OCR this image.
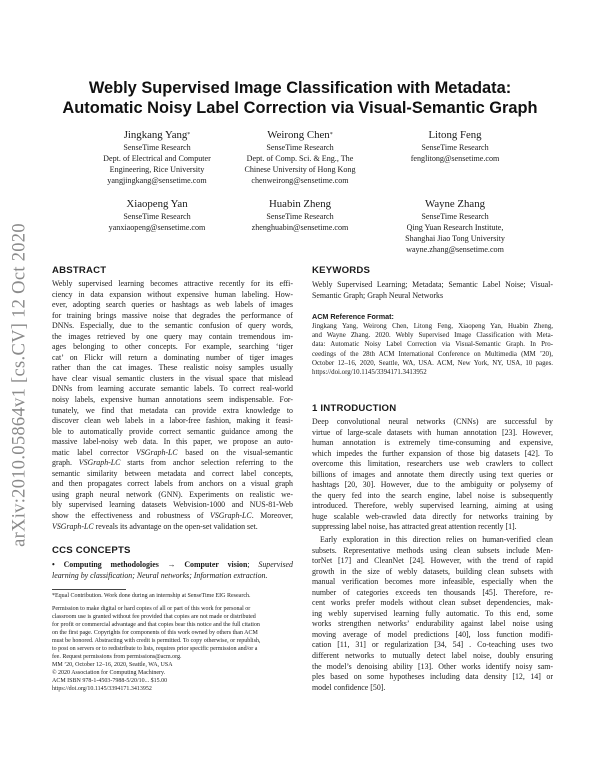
arXiv:2010.05864v1 [cs.CV] 12 Oct 2020
Webly Supervised Image Classification with Metadata:
Automatic Noisy Label Correction via Visual-Semantic Graph
Jingkang Yang*
SenseTime Research
Dept. of Electrical and Computer
Engineering, Rice University
yangjingkang@sensetime.com
Weirong Chen*
SenseTime Research
Dept. of Comp. Sci. & Eng., The
Chinese University of Hong Kong
chenweirong@sensetime.com
Litong Feng
SenseTime Research
fenglitong@sensetime.com
Xiaopeng Yan
SenseTime Research
yanxiaopeng@sensetime.com
Huabin Zheng
SenseTime Research
zhenghuabin@sensetime.com
Wayne Zhang
SenseTime Research
Qing Yuan Research Institute,
Shanghai Jiao Tong University
wayne.zhang@sensetime.com
ABSTRACT
Webly supervised learning becomes attractive recently for its effi-
ciency in data expansion without expensive human labeling. How-
ever, adopting search queries or hashtags as web labels of images
for training brings massive noise that degrades the performance of
DNNs. Especially, due to the semantic confusion of query words,
the images retrieved by one query may contain tremendous im-
ages belonging to other concepts. For example, searching ‘tiger
cat’ on Flickr will return a dominating number of tiger images
rather than the cat images. These realistic noisy samples usually
have clear visual semantic clusters in the visual space that mislead
DNNs from learning accurate semantic labels. To correct real-world
noisy labels, expensive human annotations seem indispensable. For-
tunately, we find that metadata can provide extra knowledge to
discover clean web labels in a labor-free fashion, making it feasi-
ble to automatically provide correct semantic guidance among the
massive label-noisy web data. In this paper, we propose an auto-
matic label corrector VSGraph-LC based on the visual-semantic
graph. VSGraph-LC starts from anchor selection referring to the
semantic similarity between metadata and correct label concepts,
and then propagates correct labels from anchors on a visual graph
using graph neural network (GNN). Experiments on realistic we-
bly supervised learning datasets Webvision-1000 and NUS-81-Web
show the effectiveness and robustness of VSGraph-LC. Moreover,
VSGraph-LC reveals its advantage on the open-set validation set.
CCS CONCEPTS
• Computing methodologies → Computer vision; Supervised
learning by classification; Neural networks; Information extraction.
*Equal Contribution. Work done during an internship at SenseTime EIG Research.
Permission to make digital or hard copies of all or part of this work for personal or
classroom use is granted without fee provided that copies are not made or distributed
for profit or commercial advantage and that copies bear this notice and the full citation
on the first page. Copyrights for components of this work owned by others than ACM
must be honored. Abstracting with credit is permitted. To copy otherwise, or republish,
to post on servers or to redistribute to lists, requires prior specific permission and/or a
fee. Request permissions from permissions@acm.org.
MM ’20, October 12–16, 2020, Seattle, WA, USA
© 2020 Association for Computing Machinery.
ACM ISBN 978-1-4503-7988-5/20/10... $15.00
https://doi.org/10.1145/3394171.3413952
KEYWORDS
Webly Supervised Learning; Metadata; Semantic Label Noise; Visual-
Semantic Graph; Graph Neural Networks
ACM Reference Format:
Jingkang Yang, Weirong Chen, Litong Feng, Xiaopeng Yan, Huabin Zheng,
and Wayne Zhang. 2020. Webly Supervised Image Classification with Meta-
data: Automatic Noisy Label Correction via Visual-Semantic Graph. In Pro-
ceedings of the 28th ACM International Conference on Multimedia (MM ’20),
October 12–16, 2020, Seattle, WA, USA. ACM, New York, NY, USA, 10 pages.
https://doi.org/10.1145/3394171.3413952
1 INTRODUCTION
Deep convolutional neural networks (CNNs) are successful by
virtue of large-scale datasets with human annotation [23]. However,
human annotation is extremely time-consuming and expensive,
which impedes the further expansion of those big datasets [42]. To
overcome this limitation, researchers use web crawlers to collect
billions of images and annotate them directly using text queries or
hashtags [20, 30]. However, due to the ambiguity or polysemy of
the query fed into the search engine, label noise is subsequently
introduced. Therefore, webly supervised learning, aiming at using
huge scalable web-crawled data directly for networks training by
suppressing label noise, has attracted great attention recently [1].
Early exploration in this direction relies on human-verified clean
subsets. Representative methods using clean subsets include Men-
torNet [17] and CleanNet [24]. However, with the trend of rapid
growth in the size of webly datasets, building clean subsets with
manual verification becomes more infeasible, especially when the
number of categories exceeds ten thousands [45]. Therefore, re-
cent works prefer models without clean subset dependencies, mak-
ing webly supervised learning fully automatic. To this end, some
works strengthen networks’ endurability against label noise using
moving average of model predictions [40], loss function modifi-
cation [11, 31] or regularization [34, 54] . Co-teaching uses two
different networks to mutually detect label noise, doubly ensuring
the model’s denoising ability [13]. Other works identify noisy sam-
ples based on some hypotheses including data density [12, 14] or
model confidence [50].
